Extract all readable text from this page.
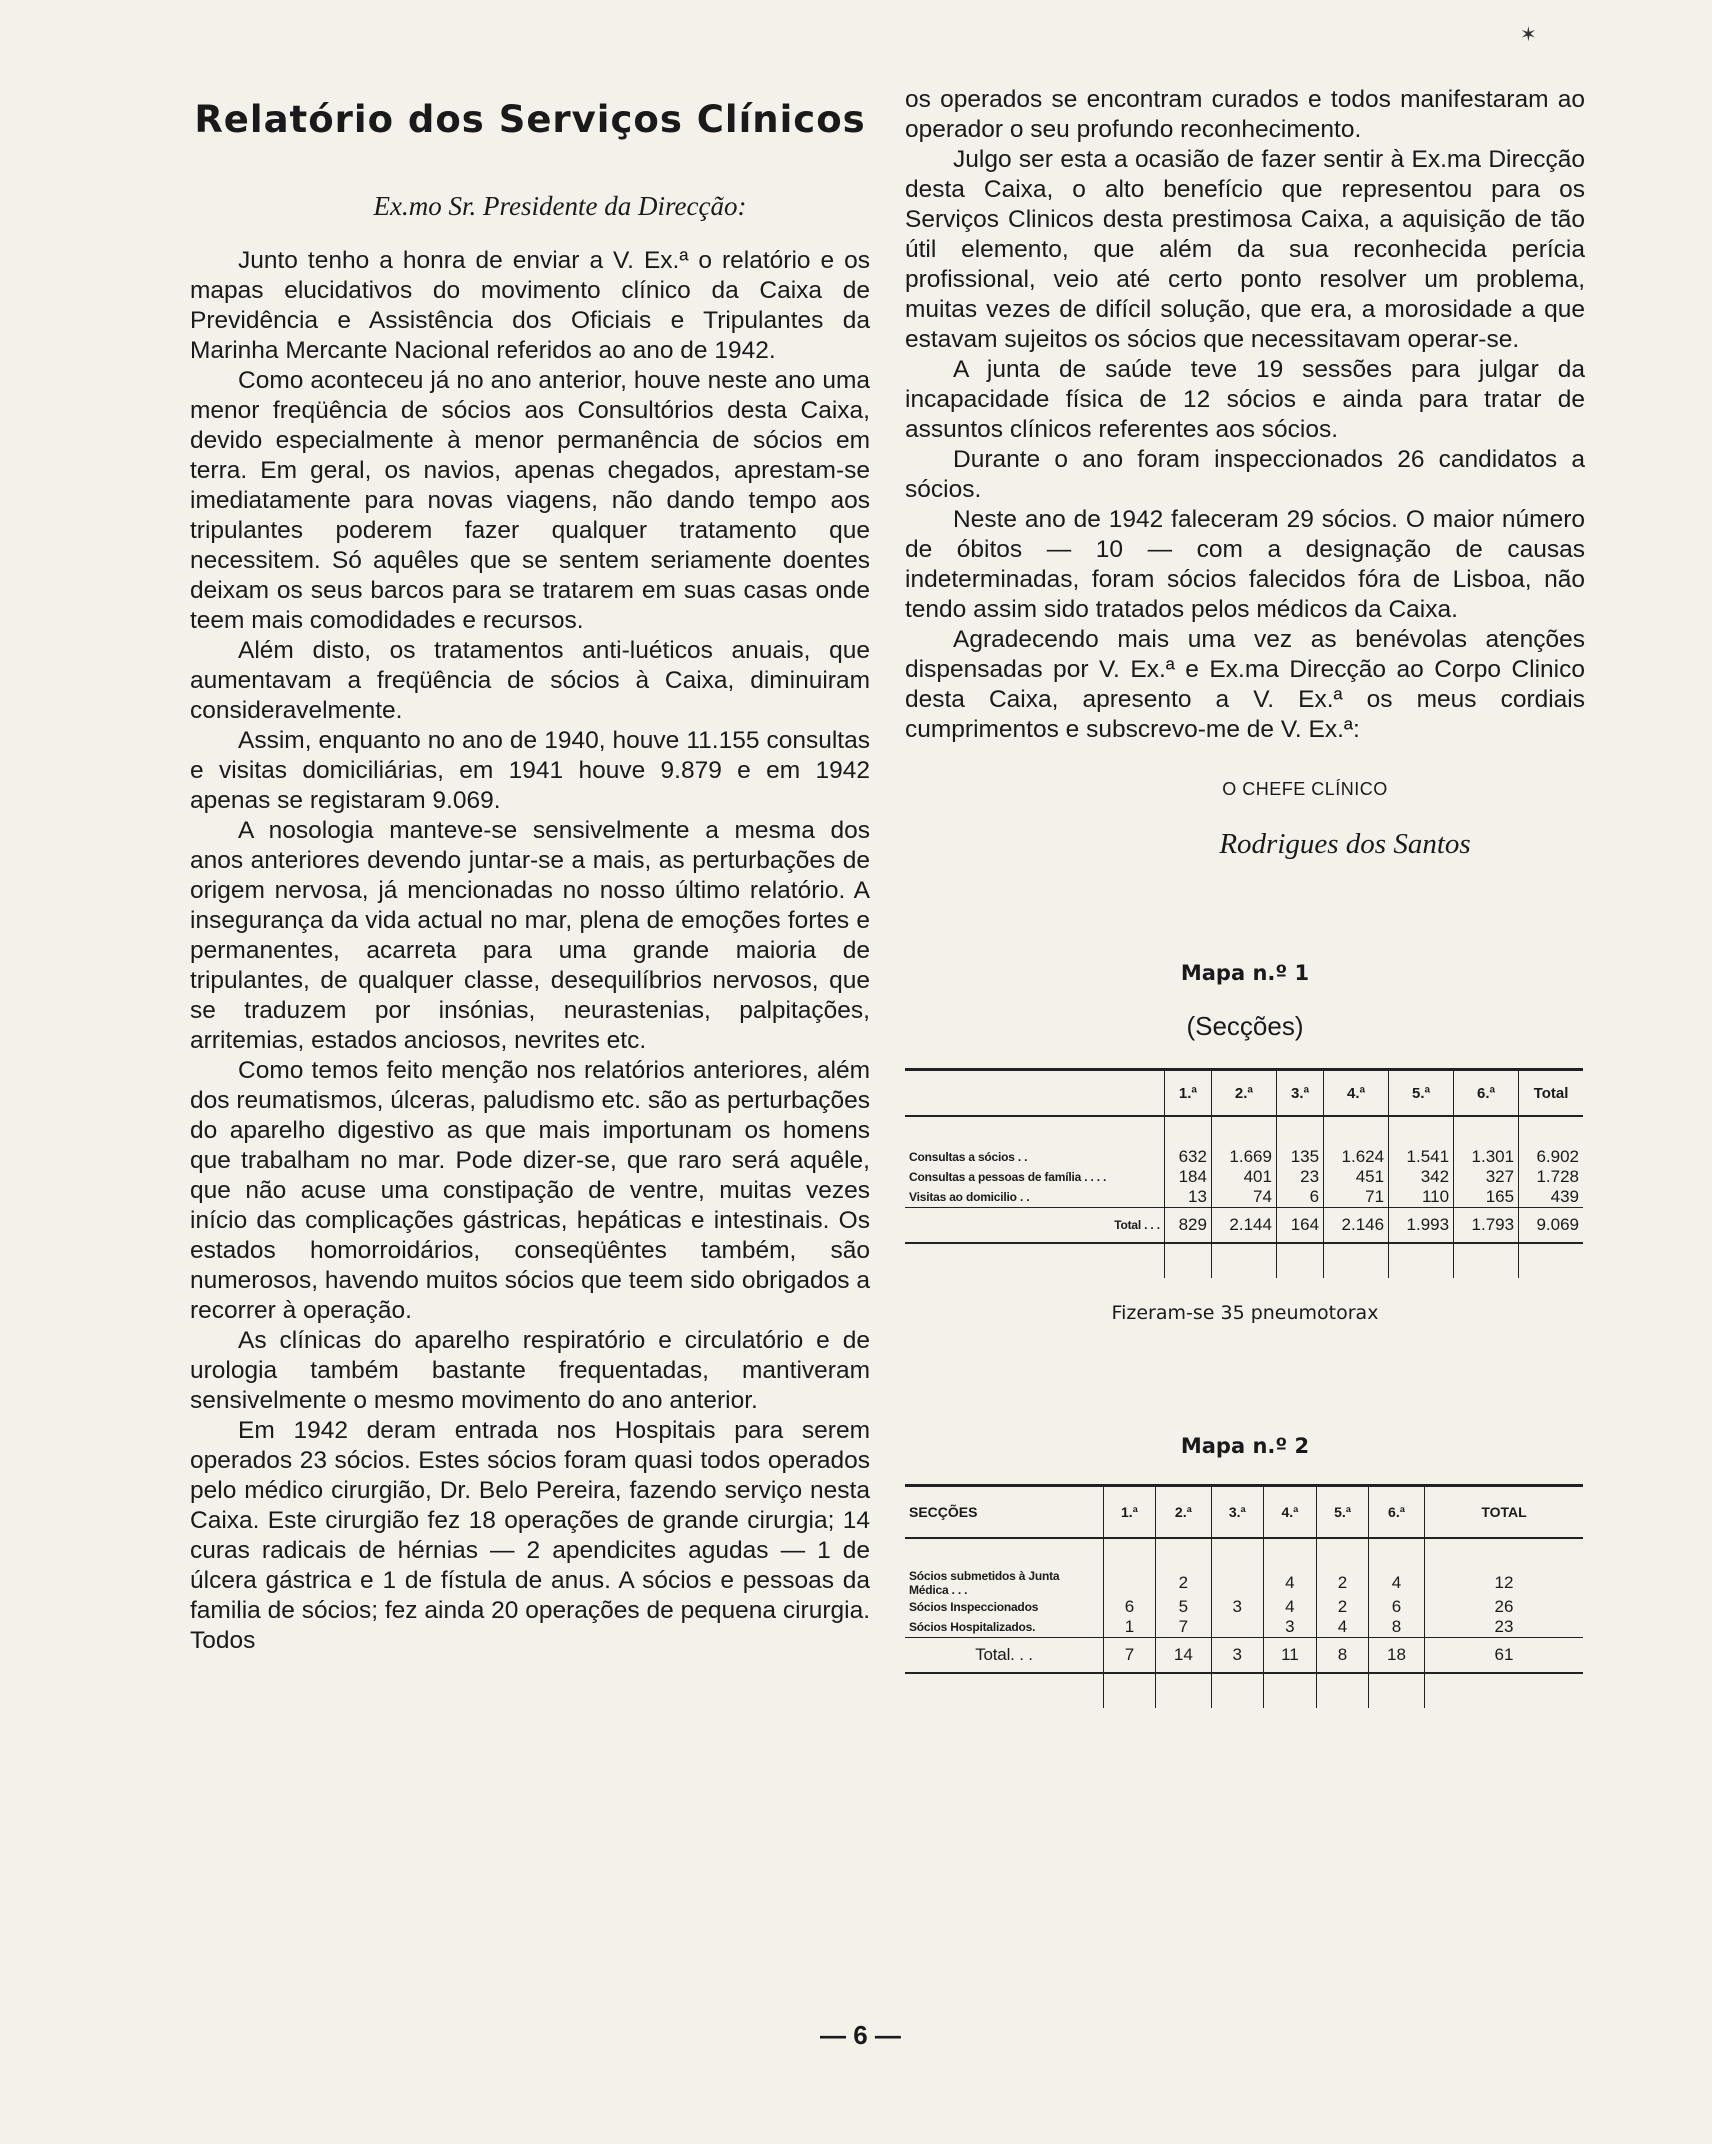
✶
Relatório dos Serviços Clínicos

Ex.mo Sr. Presidente da Direcção:

Junto tenho a honra de enviar a V. Ex.ª o relatório e os mapas elucidativos do movimento clínico da Caixa de Previdência e Assistência dos Oficiais e Tripulantes da Marinha Mercante Nacional referidos ao ano de 1942.

Como aconteceu já no ano anterior, houve neste ano uma menor freqüência de sócios aos Consultórios desta Caixa, devido especialmente à menor permanência de sócios em terra. Em geral, os navios, apenas chegados, aprestam-se imediatamente para novas viagens, não dando tempo aos tripulantes poderem fazer qualquer tratamento que necessitem. Só aquêles que se sentem seriamente doentes deixam os seus barcos para se tratarem em suas casas onde teem mais comodidades e recursos.

Além disto, os tratamentos anti-luéticos anuais, que aumentavam a freqüência de sócios à Caixa, diminuiram consideravelmente.

Assim, enquanto no ano de 1940, houve 11.155 consultas e visitas domiciliárias, em 1941 houve 9.879 e em 1942 apenas se registaram 9.069.

A nosologia manteve-se sensivelmente a mesma dos anos anteriores devendo juntar-se a mais, as perturbações de origem nervosa, já mencionadas no nosso último relatório. A insegurança da vida actual no mar, plena de emoções fortes e permanentes, acarreta para uma grande maioria de tripulantes, de qualquer classe, desequilíbrios nervosos, que se traduzem por insónias, neurastenias, palpitações, arritemias, estados anciosos, nevrites etc.

Como temos feito menção nos relatórios anteriores, além dos reumatismos, úlceras, paludismo etc. são as perturbações do aparelho digestivo as que mais importunam os homens que trabalham no mar. Pode dizer-se, que raro será aquêle, que não acuse uma constipação de ventre, muitas vezes início das complicações gástricas, hepáticas e intestinais. Os estados homorroidários, conseqüêntes também, são numerosos, havendo muitos sócios que teem sido obrigados a recorrer à operação.

As clínicas do aparelho respiratório e circulatório e de urologia também bastante frequentadas, mantiveram sensivelmente o mesmo movimento do ano anterior.

Em 1942 deram entrada nos Hospitais para serem operados 23 sócios. Estes sócios foram quasi todos operados pelo médico cirurgião, Dr. Belo Pereira, fazendo serviço nesta Caixa. Este cirurgião fez 18 operações de grande cirurgia; 14 curas radicais de hérnias — 2 apendicites agudas — 1 de úlcera gástrica e 1 de fístula de anus. A sócios e pessoas da familia de sócios; fez ainda 20 operações de pequena cirurgia. Todos

os operados se encontram curados e todos manifestaram ao operador o seu profundo reconhecimento.

Julgo ser esta a ocasião de fazer sentir à Ex.ma Direcção desta Caixa, o alto benefício que representou para os Serviços Clinicos desta prestimosa Caixa, a aquisição de tão útil elemento, que além da sua reconhecida perícia profissional, veio até certo ponto resolver um problema, muitas vezes de difícil solução, que era, a morosidade a que estavam sujeitos os sócios que necessitavam operar-se.

A junta de saúde teve 19 sessões para julgar da incapacidade física de 12 sócios e ainda para tratar de assuntos clínicos referentes aos sócios.

Durante o ano foram inspeccionados 26 candidatos a sócios.

Neste ano de 1942 faleceram 29 sócios. O maior número de óbitos — 10 — com a designação de causas indeterminadas, foram sócios falecidos fóra de Lisboa, não tendo assim sido tratados pelos médicos da Caixa.

Agradecendo mais uma vez as benévolas atenções dispensadas por V. Ex.ª e Ex.ma Direcção ao Corpo Clinico desta Caixa, apresento a V. Ex.ª os meus cordiais cumprimentos e subscrevo-me de V. Ex.ª:

O CHEFE CLÍNICO

Rodrigues dos Santos

Mapa n.º 1

(Secções)

	1.ª	2.ª	3.ª	4.ª	5.ª	6.ª	Total

Consultas a sócios . .	632	1.669	135	1.624	1.541	1.301	6.902
Consultas a pessoas de família . . . .	184	401	23	451	342	327	1.728
Visitas ao domicilio . .	13	74	6	71	110	165	439
Total . . .	829	2.144	164	2.146	1.993	1.793	9.069

Fizeram-se 35 pneumotorax

Mapa n.º 2

SECÇÕES	1.ª	2.ª	3.ª	4.ª	5.ª	6.ª	TOTAL

Sócios submetidos à Junta Médica . . .		2		4	2	4	12
Sócios Inspeccionados	6	5	3	4	2	6	26
Sócios Hospitalizados.	1	7		3	4	8	23
Total. . .	7	14	3	11	8	18	61

— 6 —
